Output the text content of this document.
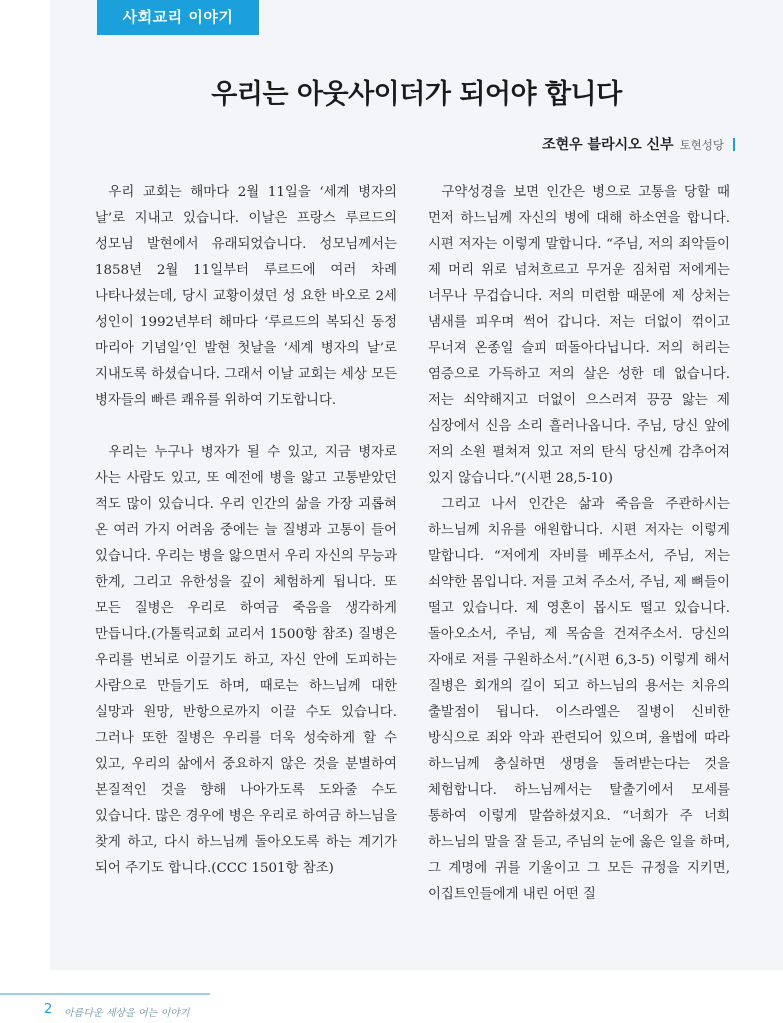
사회교리 이야기
우리는 아웃사이더가 되어야 합니다
조현우 블라시오 신부 토현성당

우리 교회는 해마다 2월 11일을 ‘세계 병자의 날’로 지내고 있습니다. 이날은 프랑스 루르드의 성모님 발현에서 유래되었습니다. 성모님께서는 1858년 2월 11일부터 루르드에 여러 차례 나타나셨는데, 당시 교황이셨던 성 요한 바오로 2세 성인이 1992년부터 해마다 ‘루르드의 복되신 동정 마리아 기념일’인 발현 첫날을 ‘세계 병자의 날’로 지내도록 하셨습니다. 그래서 이날 교회는 세상 모든 병자들의 빠른 쾌유를 위하여 기도합니다.

우리는 누구나 병자가 될 수 있고, 지금 병자로 사는 사람도 있고, 또 예전에 병을 앓고 고통받았던 적도 많이 있습니다. 우리 인간의 삶을 가장 괴롭혀 온 여러 가지 어려움 중에는 늘 질병과 고통이 들어 있습니다. 우리는 병을 앓으면서 우리 자신의 무능과 한계, 그리고 유한성을 깊이 체험하게 됩니다. 또 모든 질병은 우리로 하여금 죽음을 생각하게 만듭니다.(가톨릭교회 교리서 1500항 참조) 질병은 우리를 번뇌로 이끌기도 하고, 자신 안에 도피하는 사람으로 만들기도 하며, 때로는 하느님께 대한 실망과 원망, 반항으로까지 이끌 수도 있습니다. 그러나 또한 질병은 우리를 더욱 성숙하게 할 수 있고, 우리의 삶에서 중요하지 않은 것을 분별하여 본질적인 것을 향해 나아가도록 도와줄 수도 있습니다. 많은 경우에 병은 우리로 하여금 하느님을 찾게 하고, 다시 하느님께 돌아오도록 하는 계기가 되어 주기도 합니다.(CCC 1501항 참조)

구약성경을 보면 인간은 병으로 고통을 당할 때 먼저 하느님께 자신의 병에 대해 하소연을 합니다. 시편 저자는 이렇게 말합니다. “주님, 저의 죄악들이 제 머리 위로 넘쳐흐르고 무거운 짐처럼 저에게는 너무나 무겁습니다. 저의 미련함 때문에 제 상처는 냄새를 피우며 썩어 갑니다. 저는 더없이 꺾이고 무너져 온종일 슬피 떠돌아다닙니다. 저의 허리는 염증으로 가득하고 저의 살은 성한 데 없습니다. 저는 쇠약해지고 더없이 으스러져 끙끙 앓는 제 심장에서 신음 소리 흘러나옵니다. 주님, 당신 앞에 저의 소원 펼쳐져 있고 저의 탄식 당신께 감추어져 있지 않습니다.”(시편 28,5-10)

그리고 나서 인간은 삶과 죽음을 주관하시는 하느님께 치유를 애원합니다. 시편 저자는 이렇게 말합니다. “저에게 자비를 베푸소서, 주님, 저는 쇠약한 몸입니다. 저를 고쳐 주소서, 주님, 제 뼈들이 떨고 있습니다. 제 영혼이 몹시도 떨고 있습니다. 돌아오소서, 주님, 제 목숨을 건져주소서. 당신의 자애로 저를 구원하소서.”(시편 6,3-5) 이렇게 해서 질병은 회개의 길이 되고 하느님의 용서는 치유의 출발점이 됩니다. 이스라엘은 질병이 신비한 방식으로 죄와 악과 관련되어 있으며, 율법에 따라 하느님께 충실하면 생명을 돌려받는다는 것을 체험합니다. 하느님께서는 탈출기에서 모세를 통하여 이렇게 말씀하셨지요. “너희가 주 너희 하느님의 말을 잘 듣고, 주님의 눈에 옳은 일을 하며, 그 계명에 귀를 기울이고 그 모든 규정을 지키면, 이집트인들에게 내린 어떤 질

2 아름다운 세상을 여는 이야기
